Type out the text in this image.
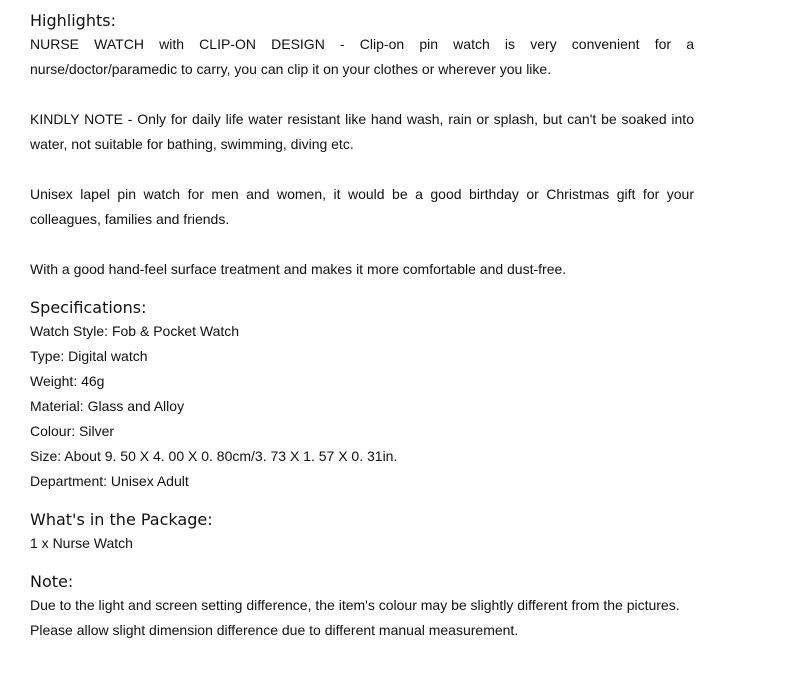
Highlights:

NURSE WATCH with CLIP-ON DESIGN - Clip-on pin watch is very convenient for a nurse/doctor/paramedic to carry, you can clip it on your clothes or wherever you like.

KINDLY NOTE - Only for daily life water resistant like hand wash, rain or splash, but can't be soaked into water, not suitable for bathing, swimming, diving etc.

Unisex lapel pin watch for men and women, it would be a good birthday or Christmas gift for your colleagues, families and friends.

With a good hand-feel surface treatment and makes it more comfortable and dust-free.

Specifications:

Watch Style: Fob & Pocket Watch

Type: Digital watch

Weight: 46g

Material: Glass and Alloy

Colour: Silver

Size: About 9. 50 X 4. 00 X 0. 80cm/3. 73 X 1. 57 X 0. 31in.

Department: Unisex Adult

What's in the Package:

1 x Nurse Watch

Note:

Due to the light and screen setting difference, the item's colour may be slightly different from the pictures.

Please allow slight dimension difference due to different manual measurement.
